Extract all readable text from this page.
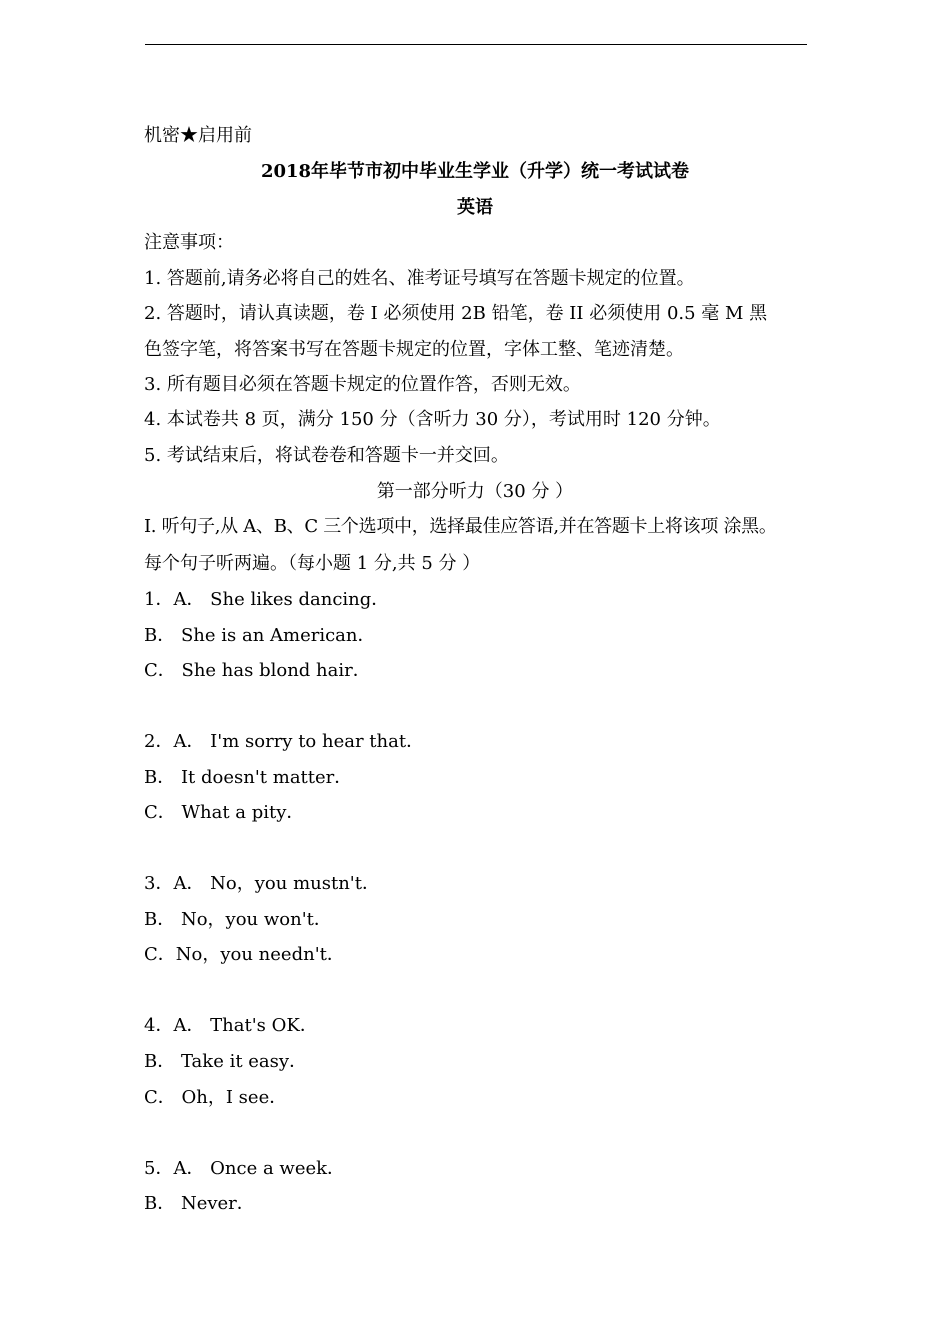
机密★启用前
2018年毕节市初中毕业生学业（升学）统一考试试卷
英语
注意事项：
1. 答题前,请务必将自己的姓名、准考证号填写在答题卡规定的位置。
2. 答题时，请认真读题，卷 I 必须使用 2B 铅笔，卷 II 必须使用 0.5 毫 M 黑
色签字笔，将答案书写在答题卡规定的位置，字体工整、笔迹清楚。
3. 所有题目必须在答题卡规定的位置作答，否则无效。
4. 本试卷共 8 页，满分 150 分（含听力 30 分），考试用时 120 分钟。
5. 考试结束后，将试卷卷和答题卡一并交回。
第一部分听力（30 分 ）
I. 听句子,从 A、B、C 三个选项中，选择最佳应答语,并在答题卡上将该项 涂黑。
每个句子听两遍。（每小题 1 分,共 5 分 ）
1．A． She likes dancing．
B． She is an American．
C． She has blond hair．
2．A． I'm sorry to hear that．
B． It doesn't matter．
C． What a pity．
3．A． No，you mustn't．
B． No，you won't．
C．No，you needn't．
4．A． That's OK．
B． Take it easy．
C． Oh，I see．
5．A． Once a week．
B． Never．
